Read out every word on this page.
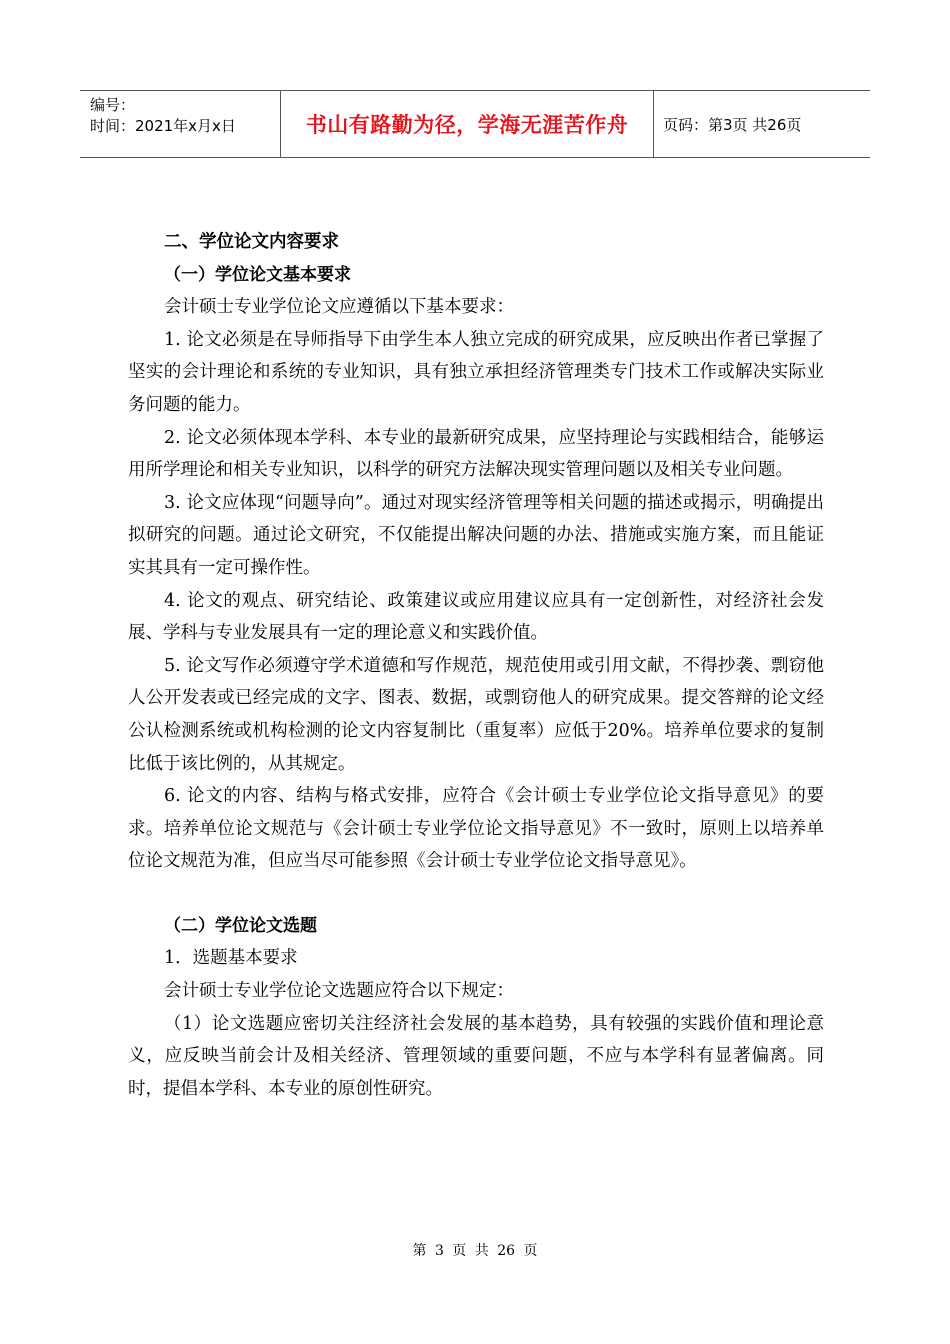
编号：
时间：2021年x月x日	书山有路勤为径，学海无涯苦作舟	页码：第3页 共26页

二、学位论文内容要求

（一）学位论文基本要求

会计硕士专业学位论文应遵循以下基本要求：

1. 论文必须是在导师指导下由学生本人独立完成的研究成果，应反映出作者已掌握了坚实的会计理论和系统的专业知识，具有独立承担经济管理类专门技术工作或解决实际业务问题的能力。

2. 论文必须体现本学科、本专业的最新研究成果，应坚持理论与实践相结合，能够运用所学理论和相关专业知识，以科学的研究方法解决现实管理问题以及相关专业问题。

3. 论文应体现“问题导向”。通过对现实经济管理等相关问题的描述或揭示，明确提出拟研究的问题。通过论文研究，不仅能提出解决问题的办法、措施或实施方案，而且能证实其具有一定可操作性。

4. 论文的观点、研究结论、政策建议或应用建议应具有一定创新性，对经济社会发展、学科与专业发展具有一定的理论意义和实践价值。

5. 论文写作必须遵守学术道德和写作规范，规范使用或引用文献，不得抄袭、剽窃他人公开发表或已经完成的文字、图表、数据，或剽窃他人的研究成果。提交答辩的论文经公认检测系统或机构检测的论文内容复制比（重复率）应低于20%。培养单位要求的复制比低于该比例的，从其规定。

6. 论文的内容、结构与格式安排，应符合《会计硕士专业学位论文指导意见》的要求。培养单位论文规范与《会计硕士专业学位论文指导意见》不一致时，原则上以培养单位论文规范为准，但应当尽可能参照《会计硕士专业学位论文指导意见》。

（二）学位论文选题

1．选题基本要求

会计硕士专业学位论文选题应符合以下规定：

（1）论文选题应密切关注经济社会发展的基本趋势，具有较强的实践价值和理论意义，应反映当前会计及相关经济、管理领域的重要问题，不应与本学科有显著偏离。同时，提倡本学科、本专业的原创性研究。

第 3 页 共 26 页
